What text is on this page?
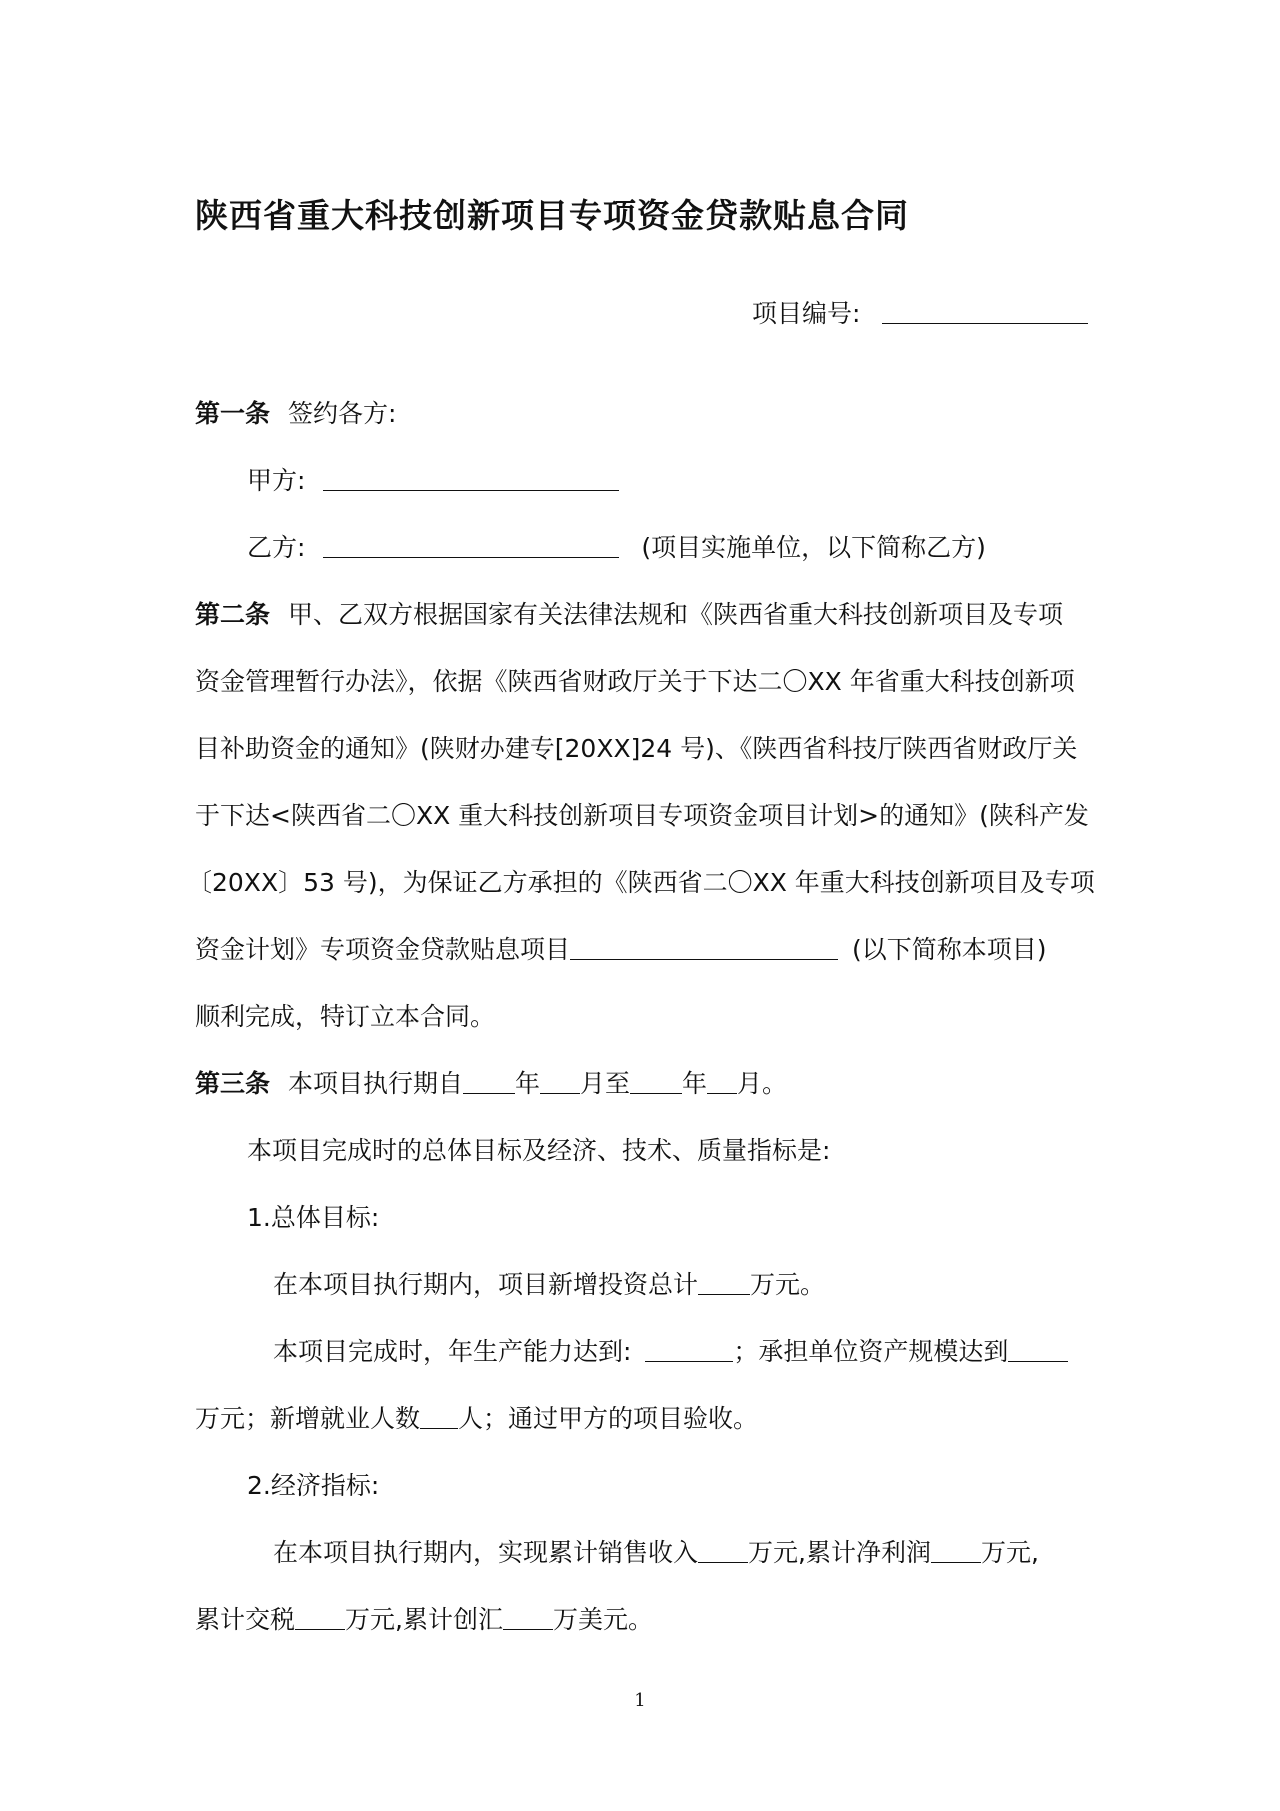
陕西省重大科技创新项目专项资金贷款贴息合同
项目编号:
第一条 签约各方:
甲方:
乙方:	(项目实施单位，以下简称乙方)
第二条 甲、乙双方根据国家有关法律法规和《陕西省重大科技创新项目及专项
资金管理暂行办法》，依据《陕西省财政厅关于下达二〇XX 年省重大科技创新项
目补助资金的通知》(陕财办建专[20XX]24 号)、《陕西省科技厅陕西省财政厅关
于下达<陕西省二〇XX 重大科技创新项目专项资金项目计划>的通知》(陕科产发
〔20XX〕53 号)，为保证乙方承担的《陕西省二〇XX 年重大科技创新项目及专项
资金计划》专项资金贷款贴息项目	(以下简称本项目)
顺利完成，特订立本合同。
第三条 本项目执行期自 年 月至 年 月。
本项目完成时的总体目标及经济、技术、质量指标是:
1.总体目标:
在本项目执行期内，项目新增投资总计 万元。
本项目完成时，年生产能力达到:	；承担单位资产规模达到
万元；新增就业人数 人；通过甲方的项目验收。
2.经济指标:
在本项目执行期内，实现累计销售收入 万元,累计净利润 万元,
累计交税 万元,累计创汇 万美元。
1
